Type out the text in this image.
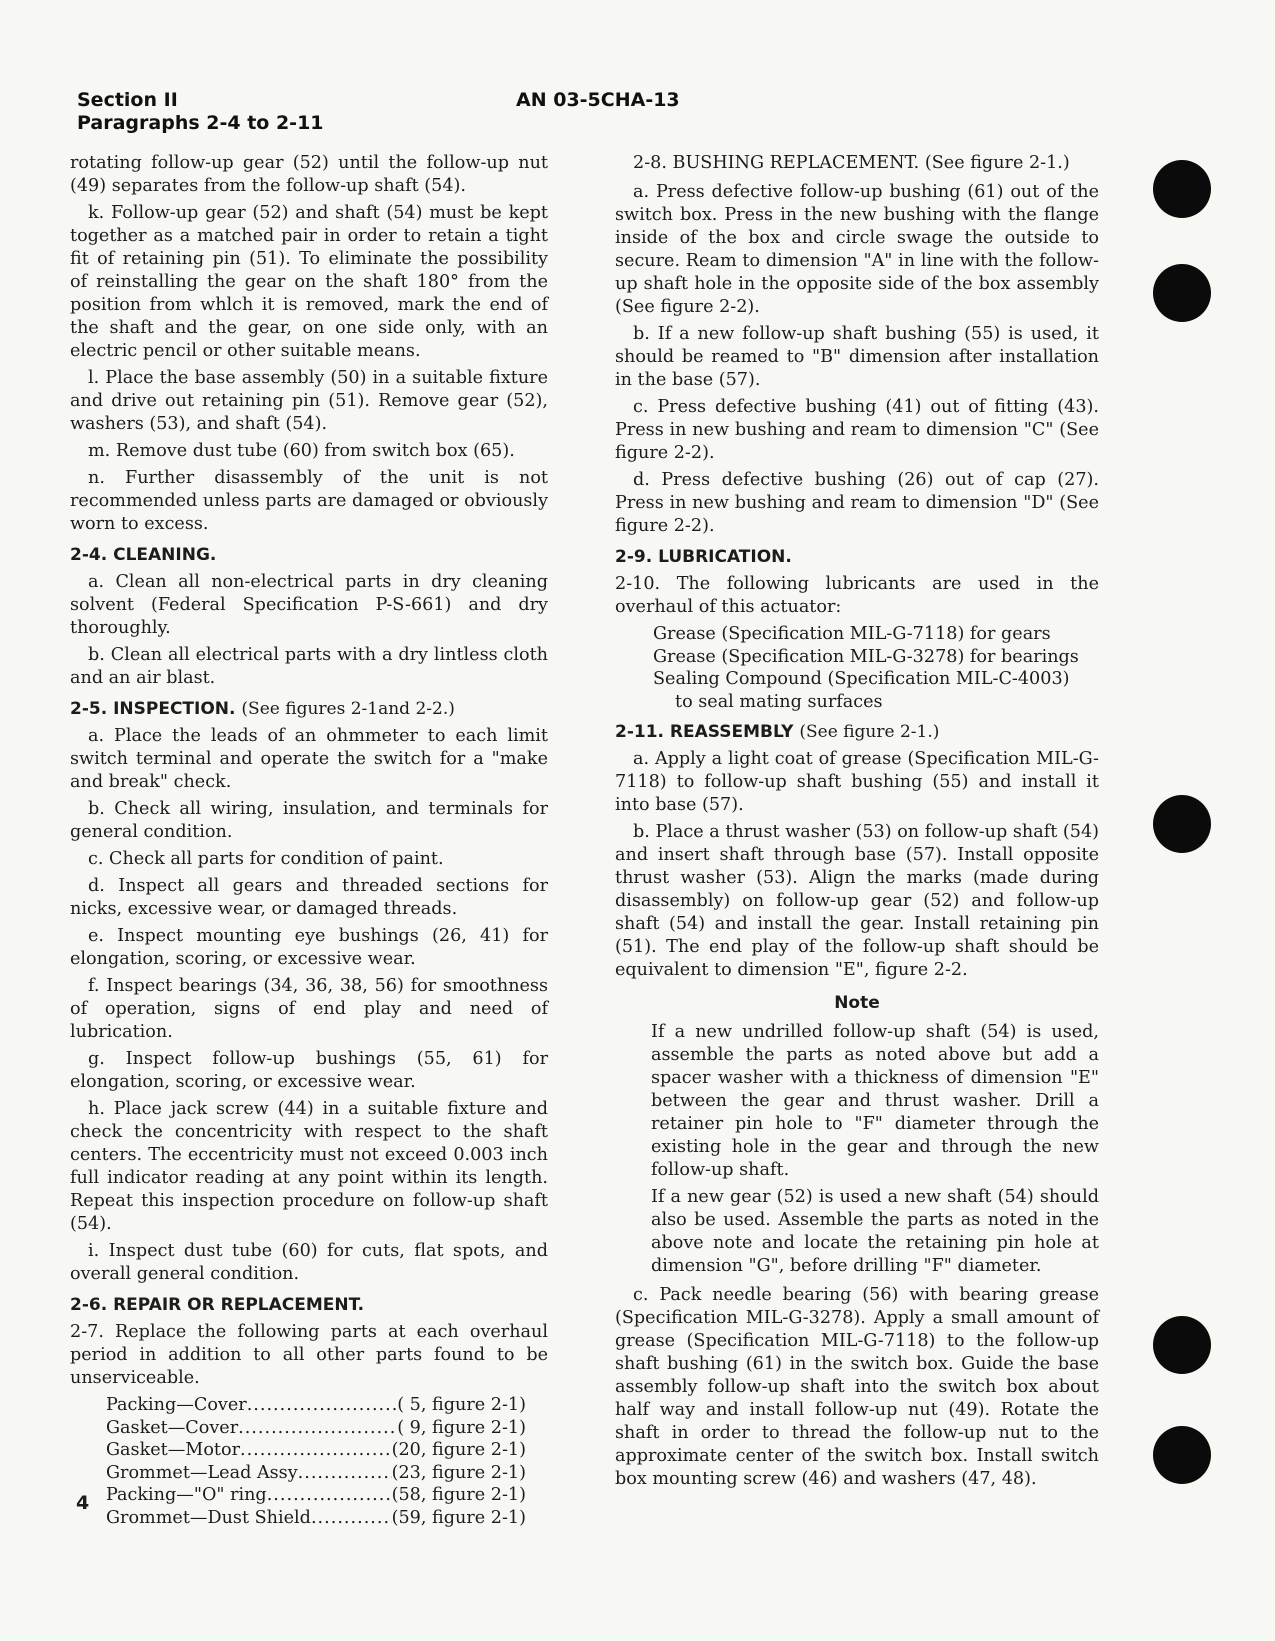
Section II
Paragraphs 2-4 to 2-11
AN 03-5CHA-13

rotating follow-up gear (52) until the follow-up nut (49) separates from the follow-up shaft (54).

k. Follow-up gear (52) and shaft (54) must be kept together as a matched pair in order to retain a tight fit of retaining pin (51). To eliminate the possibility of reinstalling the gear on the shaft 180° from the position from whlch it is removed, mark the end of the shaft and the gear, on one side only, with an electric pencil or other suitable means.

l. Place the base assembly (50) in a suitable fixture and drive out retaining pin (51). Remove gear (52), washers (53), and shaft (54).

m. Remove dust tube (60) from switch box (65).

n. Further disassembly of the unit is not recommended unless parts are damaged or obviously worn to excess.

2-4. CLEANING.

a. Clean all non-electrical parts in dry cleaning solvent (Federal Specification P-S-661) and dry thoroughly.

b. Clean all electrical parts with a dry lintless cloth and an air blast.

2-5. INSPECTION. (See figures 2-1and 2-2.)

a. Place the leads of an ohmmeter to each limit switch terminal and operate the switch for a "make and break" check.

b. Check all wiring, insulation, and terminals for general condition.

c. Check all parts for condition of paint.

d. Inspect all gears and threaded sections for nicks, excessive wear, or damaged threads.

e. Inspect mounting eye bushings (26, 41) for elongation, scoring, or excessive wear.

f. Inspect bearings (34, 36, 38, 56) for smoothness of operation, signs of end play and need of lubrication.

g. Inspect follow-up bushings (55, 61) for elongation, scoring, or excessive wear.

h. Place jack screw (44) in a suitable fixture and check the concentricity with respect to the shaft centers. The eccentricity must not exceed 0.003 inch full indicator reading at any point within its length. Repeat this inspection procedure on follow-up shaft (54).

i. Inspect dust tube (60) for cuts, flat spots, and overall general condition.

2-6. REPAIR OR REPLACEMENT.

2-7. Replace the following parts at each overhaul period in addition to all other parts found to be unserviceable.

Packing—Cover .....	( 5, figure 2-1)
Gasket—Cover .....	( 9, figure 2-1)
Gasket—Motor .....	(20, figure 2-1)
Grommet—Lead Assy .....	(23, figure 2-1)
Packing—"O" ring .....	(58, figure 2-1)
Grommet—Dust Shield .....	(59, figure 2-1)

2-8. BUSHING REPLACEMENT. (See figure 2-1.)

a. Press defective follow-up bushing (61) out of the switch box. Press in the new bushing with the flange inside of the box and circle swage the outside to secure. Ream to dimension "A" in line with the follow-up shaft hole in the opposite side of the box assembly (See figure 2-2).

b. If a new follow-up shaft bushing (55) is used, it should be reamed to "B" dimension after installation in the base (57).

c. Press defective bushing (41) out of fitting (43). Press in new bushing and ream to dimension "C" (See figure 2-2).

d. Press defective bushing (26) out of cap (27). Press in new bushing and ream to dimension "D" (See figure 2-2).

2-9. LUBRICATION.

2-10. The following lubricants are used in the overhaul of this actuator:

Grease (Specification MIL-G-7118) for gears
Grease (Specification MIL-G-3278) for bearings
Sealing Compound (Specification MIL-C-4003)
to seal mating surfaces
2-11. REASSEMBLY (See figure 2-1.)

a. Apply a light coat of grease (Specification MIL-G-7118) to follow-up shaft bushing (55) and install it into base (57).

b. Place a thrust washer (53) on follow-up shaft (54) and insert shaft through base (57). Install opposite thrust washer (53). Align the marks (made during disassembly) on follow-up gear (52) and follow-up shaft (54) and install the gear. Install retaining pin (51). The end play of the follow-up shaft should be equivalent to dimension "E", figure 2-2.

Note

If a new undrilled follow-up shaft (54) is used, assemble the parts as noted above but add a spacer washer with a thickness of dimension "E" between the gear and thrust washer. Drill a retainer pin hole to "F" diameter through the existing hole in the gear and through the new follow-up shaft.

If a new gear (52) is used a new shaft (54) should also be used. Assemble the parts as noted in the above note and locate the retaining pin hole at dimension "G", before drilling "F" diameter.

c. Pack needle bearing (56) with bearing grease (Specification MIL-G-3278). Apply a small amount of grease (Specification MIL-G-7118) to the follow-up shaft bushing (61) in the switch box. Guide the base assembly follow-up shaft into the switch box about half way and install follow-up nut (49). Rotate the shaft in order to thread the follow-up nut to the approximate center of the switch box. Install switch box mounting screw (46) and washers (47, 48).

4
